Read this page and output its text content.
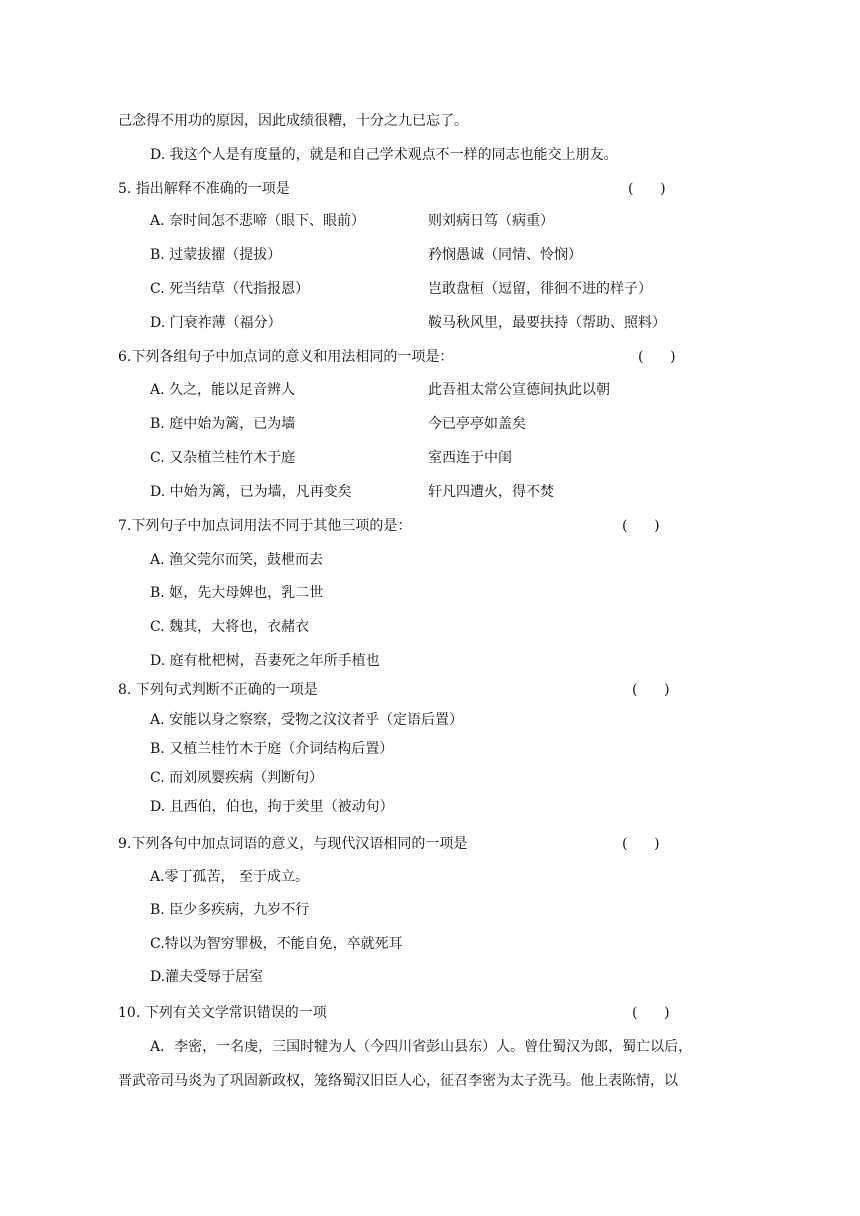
己念得不用功的原因，因此成绩很糟，十分之九已忘了。
D. 我这个人是有度量的，就是和自己学术观点不一样的同志也能交上朋友。
5. 指出解释不准确的一项是	(      )
A. 奈时间怎不悲啼（眼下、眼前）	则刘病日笃（病重）
B. 过蒙拔擢（提拔）	矜悯愚诚（同情、怜悯）
C. 死当结草（代指报恩）	岂敢盘桓（逗留，徘徊不进的样子）
D. 门衰祚薄（福分）	鞍马秋风里，最要扶持（帮助、照料）
6.下列各组句子中加点词的意义和用法相同的一项是：	(      )
A. 久之，能以足音辨人	此吾祖太常公宣德间执此以朝
B. 庭中始为篱，已为墙	今已亭亭如盖矣
C. 又杂植兰桂竹木于庭	室西连于中闺
D. 中始为篱，已为墙，凡再变矣	轩凡四遭火，得不焚
7.下列句子中加点词用法不同于其他三项的是：	(      )
A. 渔父莞尔而笑，鼓枻而去
B. 妪，先大母婢也，乳二世
C. 魏其，大将也，衣赭衣
D. 庭有枇杷树，吾妻死之年所手植也
8. 下列句式判断不正确的一项是	(      )
A. 安能以身之察察，受物之汶汶者乎（定语后置）
B. 又植兰桂竹木于庭（介词结构后置）
C. 而刘夙婴疾病（判断句）
D. 且西伯，伯也，拘于羑里（被动句）
9.下列各句中加点词语的意义，与现代汉语相同的一项是	(      )
A.零丁孤苦， 至于成立。
B. 臣少多疾病，九岁不行
C.特以为智穷罪极，不能自免，卒就死耳
D.灌夫受辱于居室
10. 下列有关文学常识错误的一项	(      )
A．李密，一名虔，三国时犍为人（今四川省彭山县东）人。曾仕蜀汉为郎，蜀亡以后，
晋武帝司马炎为了巩固新政权，笼络蜀汉旧臣人心，征召李密为太子洗马。他上表陈情，以
